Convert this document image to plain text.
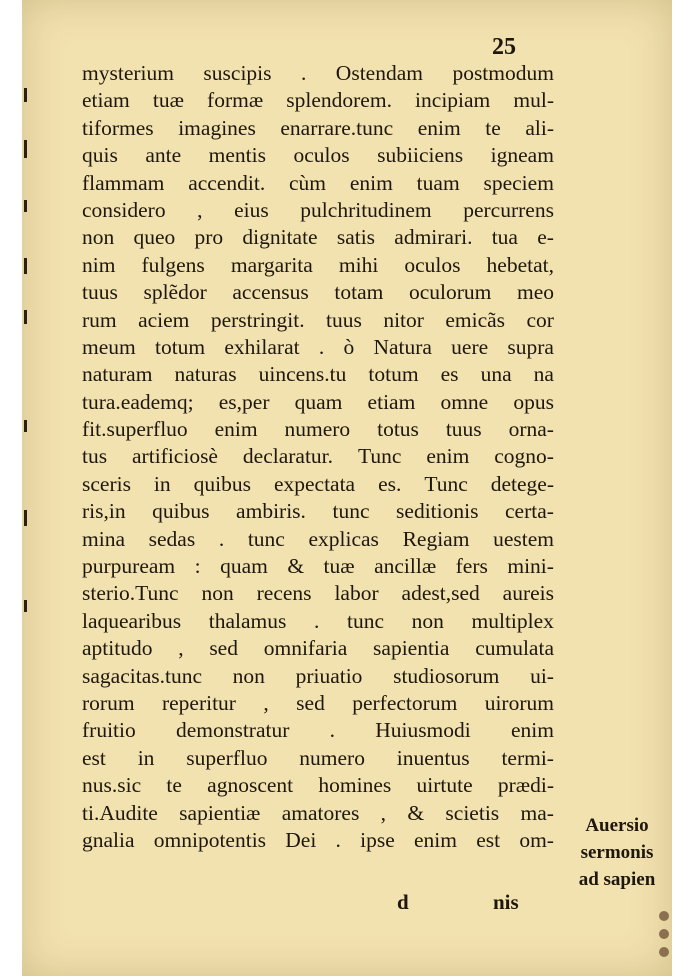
25
mysterium suscipis . Ostendam postmodum
etiam tuæ formæ splendorem. incipiam mul-
tiformes imagines enarrare.tunc enim te ali-
quis ante mentis oculos subiiciens igneam
flammam accendit. cùm enim tuam speciem
considero , eius pulchritudinem percurrens
non queo pro dignitate satis admirari. tua e-
nim fulgens margarita mihi oculos hebetat,
tuus splẽdor accensus totam oculorum meo
rum aciem perstringit. tuus nitor emicãs cor
meum totum exhilarat . ò Natura uere supra
naturam naturas uincens.tu totum es una na
tura.eademq; es,per quam etiam omne opus
fit.superfluo enim numero totus tuus orna-
tus artificiosè declaratur. Tunc enim cogno-
sceris in quibus expectata es. Tunc detege-
ris,in quibus ambiris. tunc seditionis certa-
mina sedas . tunc explicas Regiam uestem
purpuream : quam & tuæ ancillæ fers mini-
sterio.Tunc non recens labor adest,sed aureis
laquearibus thalamus . tunc non multiplex
aptitudo , sed omnifaria sapientia cumulata
sagacitas.tunc non priuatio studiosorum ui-
rorum reperitur , sed perfectorum uirorum
fruitio demonstratur . Huiusmodi enim
est in superfluo numero inuentus termi-
nus.sic te agnoscent homines uirtute prædi-
ti.Audite sapientiæ amatores , & scietis ma-
gnalia omnipotentis Dei . ipse enim est om-
Auersio
sermonis
ad sapien
d	nis
